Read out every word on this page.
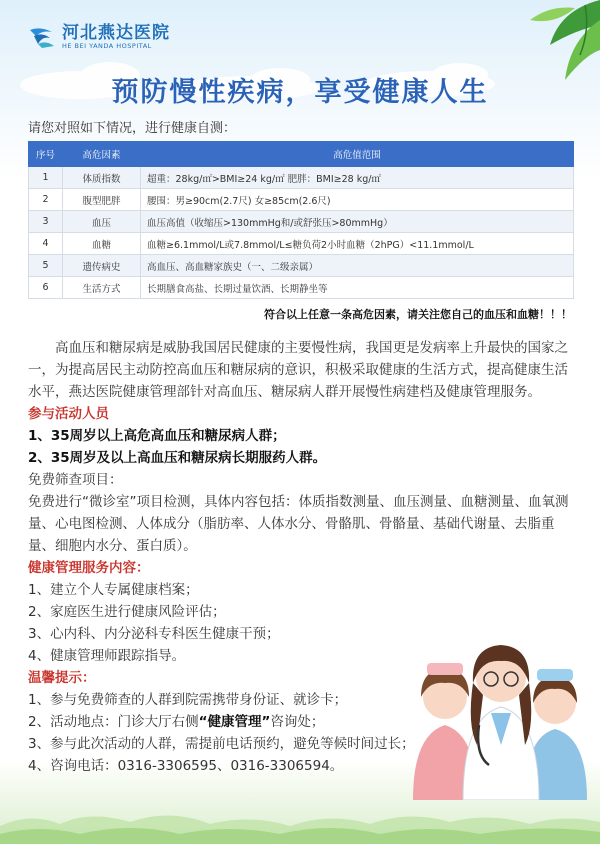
河北燕达医院
HE BEI YANDA HOSPITAL
预防慢性疾病，享受健康人生
请您对照如下情况，进行健康自测：
序号	高危因素	高危值范围
1	体质指数	超重：28kg/㎡>BMI≥24 kg/㎡ 肥胖：BMI≥28 kg/㎡
2	腹型肥胖	腰围：男≥90cm(2.7尺) 女≥85cm(2.6尺)
3	血压	血压高值（收缩压>130mmHg和/或舒张压>80mmHg）
4	血糖	血糖≥6.1mmol/L或7.8mmol/L≤糖负荷2小时血糖（2hPG）<11.1mmol/L
5	遗传病史	高血压、高血糖家族史（一、二级亲属）
6	生活方式	长期膳食高盐、长期过量饮酒、长期静坐等
符合以上任意一条高危因素，请关注您自己的血压和血糖！！！

高血压和糖尿病是威胁我国居民健康的主要慢性病，我国更是发病率上升最快的国家之一，为提高居民主动防控高血压和糖尿病的意识，积极采取健康的生活方式，提高健康生活水平，燕达医院健康管理部针对高血压、糖尿病人群开展慢性病建档及健康管理服务。

参与活动人员

1、35周岁以上高危高血压和糖尿病人群；

2、35周岁及以上高血压和糖尿病长期服药人群。

免费筛查项目：

免费进行“微诊室”项目检测，具体内容包括：体质指数测量、血压测量、血糖测量、血氧测量、心电图检测、人体成分（脂肪率、人体水分、骨骼肌、骨骼量、基础代谢量、去脂重量、细胞内水分、蛋白质）。

健康管理服务内容：

1、建立个人专属健康档案；

2、家庭医生进行健康风险评估；

3、心内科、内分泌科专科医生健康干预；

4、健康管理师跟踪指导。

温馨提示：

1、参与免费筛查的人群到院需携带身份证、就诊卡；

2、活动地点：门诊大厅右侧“健康管理”咨询处；

3、参与此次活动的人群，需提前电话预约，避免等候时间过长；

4、咨询电话：0316-3306595、0316-3306594。
